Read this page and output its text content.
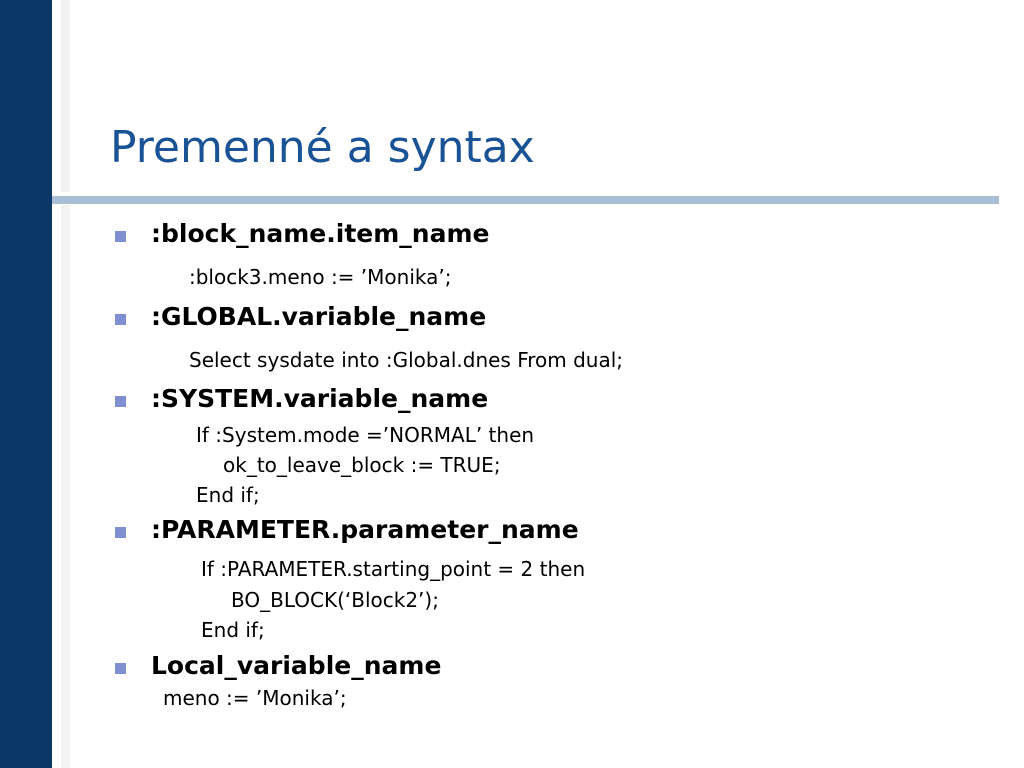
Premenné a syntax
:block_name.item_name
:block3.meno := ’Monika’;
:GLOBAL.variable_name
Select sysdate into :Global.dnes From dual;
:SYSTEM.variable_name
If :System.mode =’NORMAL’ then
ok_to_leave_block := TRUE;
End if;
:PARAMETER.parameter_name
If :PARAMETER.starting_point = 2 then
BO_BLOCK(‘Block2’);
End if;
Local_variable_name
meno := ’Monika’;
